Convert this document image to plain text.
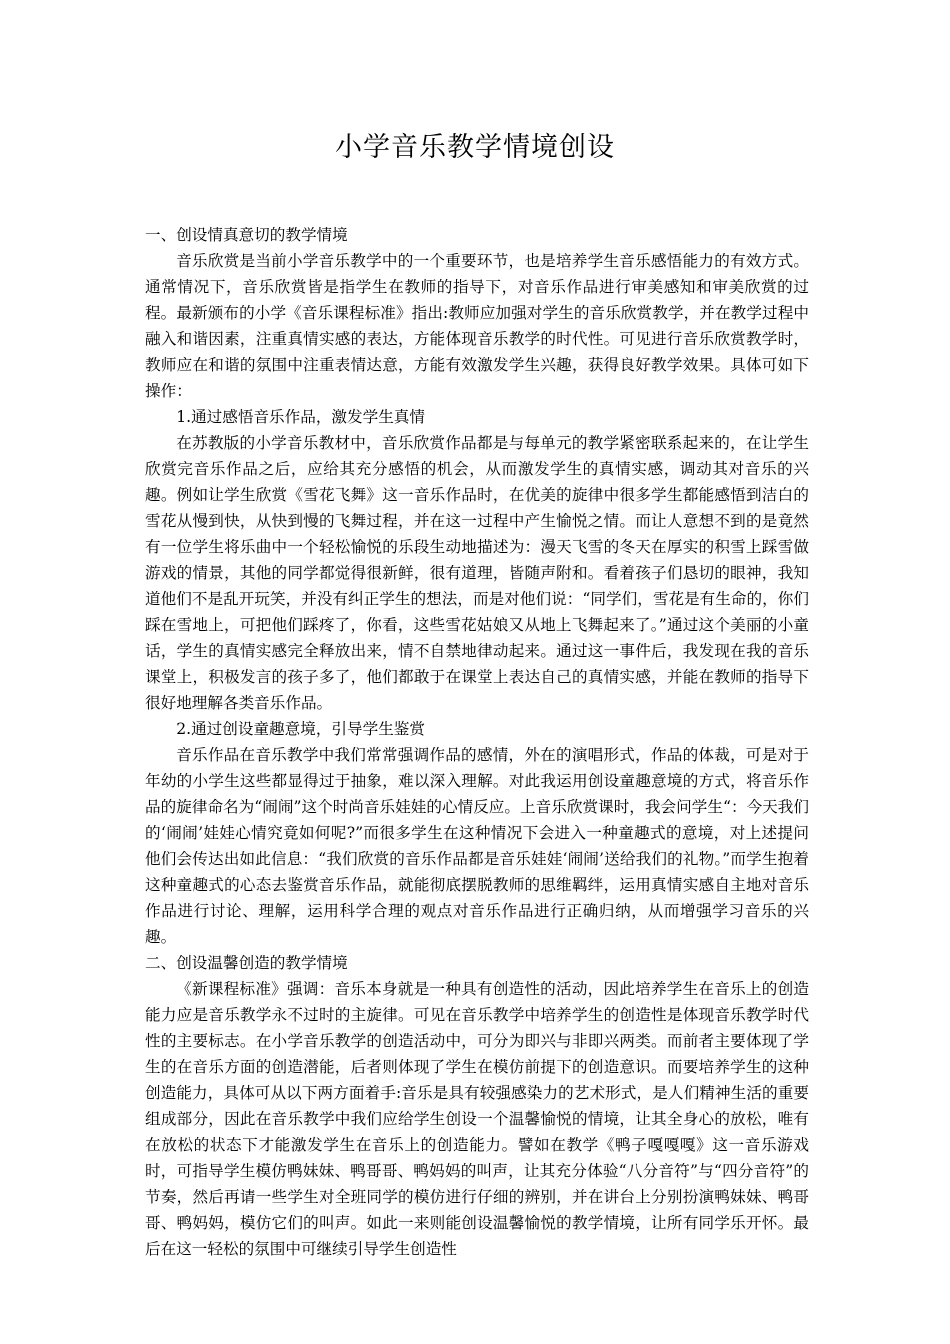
小学音乐教学情境创设

一、创设情真意切的教学情境

音乐欣赏是当前小学音乐教学中的一个重要环节，也是培养学生音乐感悟能力的有效方式。通常情况下，音乐欣赏皆是指学生在教师的指导下，对音乐作品进行审美感知和审美欣赏的过程。最新颁布的小学《音乐课程标准》指出:教师应加强对学生的音乐欣赏教学，并在教学过程中融入和谐因素，注重真情实感的表达，方能体现音乐教学的时代性。可见进行音乐欣赏教学时，教师应在和谐的氛围中注重表情达意，方能有效激发学生兴趣，获得良好教学效果。具体可如下操作：

1.通过感悟音乐作品，激发学生真情

在苏教版的小学音乐教材中，音乐欣赏作品都是与每单元的教学紧密联系起来的，在让学生欣赏完音乐作品之后，应给其充分感悟的机会，从而激发学生的真情实感，调动其对音乐的兴趣。例如让学生欣赏《雪花飞舞》这一音乐作品时，在优美的旋律中很多学生都能感悟到洁白的雪花从慢到快，从快到慢的飞舞过程，并在这一过程中产生愉悦之情。而让人意想不到的是竟然有一位学生将乐曲中一个轻松愉悦的乐段生动地描述为：漫天飞雪的冬天在厚实的积雪上踩雪做游戏的情景，其他的同学都觉得很新鲜，很有道理，皆随声附和。看着孩子们恳切的眼神，我知道他们不是乱开玩笑，并没有纠正学生的想法，而是对他们说：“同学们，雪花是有生命的，你们踩在雪地上，可把他们踩疼了，你看，这些雪花姑娘又从地上飞舞起来了。”通过这个美丽的小童话，学生的真情实感完全释放出来，情不自禁地律动起来。通过这一事件后，我发现在我的音乐课堂上，积极发言的孩子多了，他们都敢于在课堂上表达自己的真情实感，并能在教师的指导下很好地理解各类音乐作品。

2.通过创设童趣意境，引导学生鉴赏

音乐作品在音乐教学中我们常常强调作品的感情，外在的演唱形式，作品的体裁，可是对于年幼的小学生这些都显得过于抽象，难以深入理解。对此我运用创设童趣意境的方式，将音乐作品的旋律命名为“闹闹”这个时尚音乐娃娃的心情反应。上音乐欣赏课时，我会问学生“：今天我们的‘闹闹’娃娃心情究竟如何呢?”而很多学生在这种情况下会进入一种童趣式的意境，对上述提问他们会传达出如此信息：“我们欣赏的音乐作品都是音乐娃娃‘闹闹’送给我们的礼物。”而学生抱着这种童趣式的心态去鉴赏音乐作品，就能彻底摆脱教师的思维羁绊，运用真情实感自主地对音乐作品进行讨论、理解，运用科学合理的观点对音乐作品进行正确归纳，从而增强学习音乐的兴趣。

二、创设温馨创造的教学情境

《新课程标准》强调：音乐本身就是一种具有创造性的活动，因此培养学生在音乐上的创造能力应是音乐教学永不过时的主旋律。可见在音乐教学中培养学生的创造性是体现音乐教学时代性的主要标志。在小学音乐教学的创造活动中，可分为即兴与非即兴两类。而前者主要体现了学生的在音乐方面的创造潜能，后者则体现了学生在模仿前提下的创造意识。而要培养学生的这种创造能力，具体可从以下两方面着手:音乐是具有较强感染力的艺术形式，是人们精神生活的重要组成部分，因此在音乐教学中我们应给学生创设一个温馨愉悦的情境，让其全身心的放松，唯有在放松的状态下才能激发学生在音乐上的创造能力。譬如在教学《鸭子嘎嘎嘎》这一音乐游戏时，可指导学生模仿鸭妹妹、鸭哥哥、鸭妈妈的叫声，让其充分体验“八分音符”与“四分音符”的节奏，然后再请一些学生对全班同学的模仿进行仔细的辨别，并在讲台上分别扮演鸭妹妹、鸭哥哥、鸭妈妈，模仿它们的叫声。如此一来则能创设温馨愉悦的教学情境，让所有同学乐开怀。最后在这一轻松的氛围中可继续引导学生创造性
